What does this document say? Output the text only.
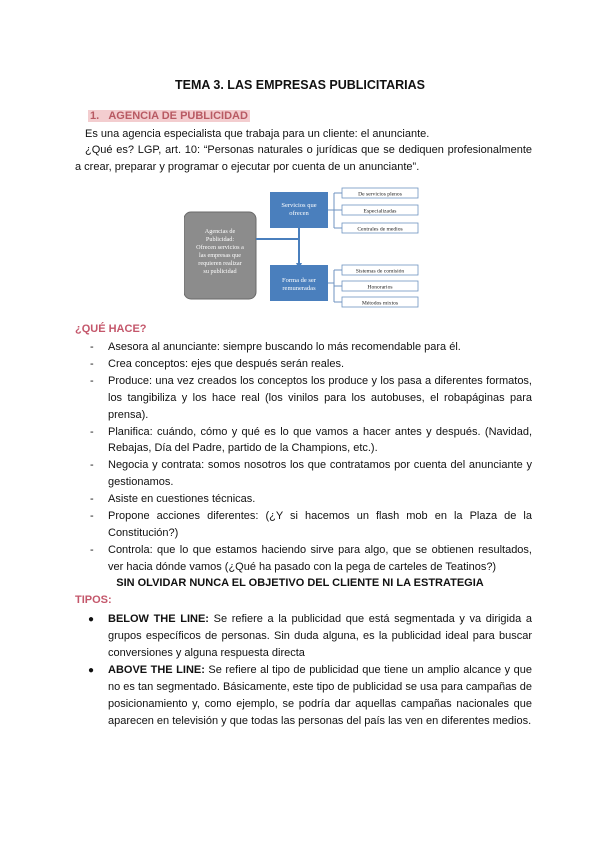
TEMA 3. LAS EMPRESAS PUBLICITARIAS
1. AGENCIA DE PUBLICIDAD
Es una agencia especialista que trabaja para un cliente: el anunciante.
¿Qué es? LGP, art. 10: “Personas naturales o jurídicas que se dediquen profesionalmente a crear, preparar y programar o ejecutar por cuenta de un anunciante”.
Agencias de
Publicidad:
Ofrecen servicios a
las empresas que
requieren realizar
su publicidad
Servicios que
ofrecen
Forma de ser
remuneradas
De servicios plenos
Especializadas
Centrales de medios
Sistemas de comisión
Honorarios
Métodos mixtos
¿QUÉ HACE?
- Asesora al anunciante: siempre buscando lo más recomendable para él.
- Crea conceptos: ejes que después serán reales.
- Produce: una vez creados los conceptos los produce y los pasa a diferentes formatos, los tangibiliza y los hace real (los vinilos para los autobuses, el robapáginas para prensa).
- Planifica: cuándo, cómo y qué es lo que vamos a hacer antes y después. (Navidad, Rebajas, Día del Padre, partido de la Champions, etc.).
- Negocia y contrata: somos nosotros los que contratamos por cuenta del anunciante y gestionamos.
- Asiste en cuestiones técnicas.
- Propone acciones diferentes: (¿Y si hacemos un flash mob en la Plaza de la Constitución?)
- Controla: que lo que estamos haciendo sirve para algo, que se obtienen resultados, ver hacia dónde vamos (¿Qué ha pasado con la pega de carteles de Teatinos?)
SIN OLVIDAR NUNCA EL OBJETIVO DEL CLIENTE NI LA ESTRATEGIA
TIPOS:
● BELOW THE LINE: Se refiere a la publicidad que está segmentada y va dirigida a grupos específicos de personas. Sin duda alguna, es la publicidad ideal para buscar conversiones y alguna respuesta directa
● ABOVE THE LINE: Se refiere al tipo de publicidad que tiene un amplio alcance y que no es tan segmentado. Básicamente, este tipo de publicidad se usa para campañas de posicionamiento y, como ejemplo, se podría dar aquellas campañas nacionales que aparecen en televisión y que todas las personas del país las ven en diferentes medios.
